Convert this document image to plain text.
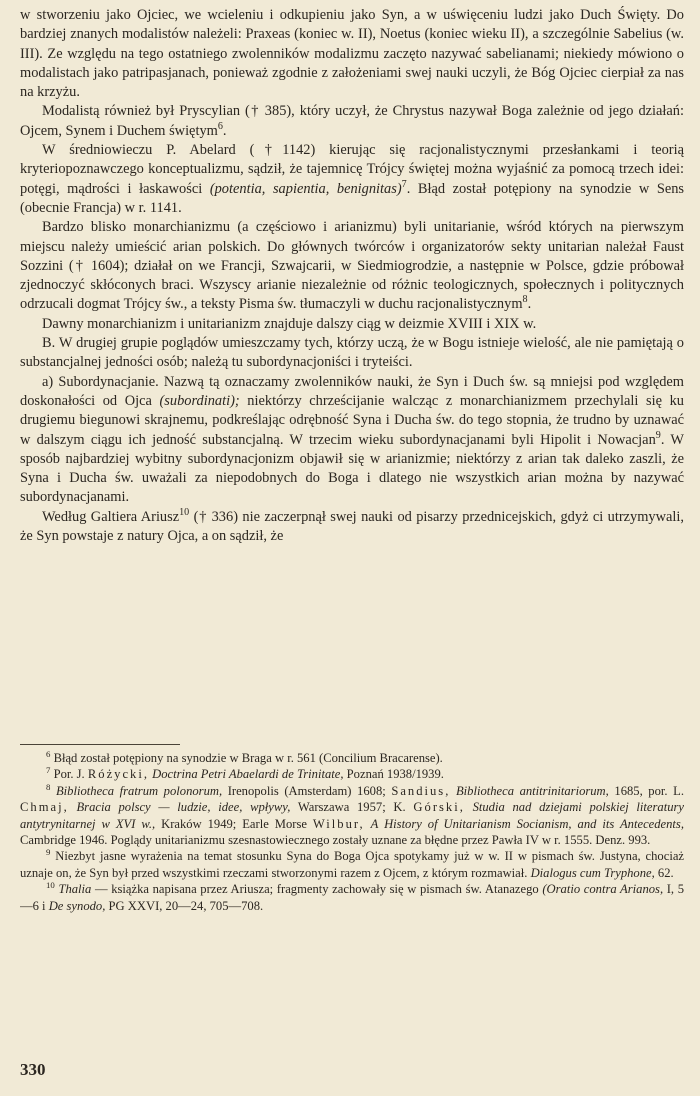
w stworzeniu jako Ojciec, we wcieleniu i odkupieniu jako Syn, a w uświęceniu ludzi jako Duch Święty. Do bardziej znanych modalistów należeli: Praxeas (koniec w. II), Noetus (koniec wieku II), a szczególnie Sabelius (w. III). Ze względu na tego ostatniego zwolenników modalizmu zaczęto nazywać sabelianami; niekiedy mówiono o modalistach jako patripasjanach, ponieważ zgodnie z założeniami swej nauki uczyli, że Bóg Ojciec cierpiał za nas na krzyżu.

Modalistą również był Pryscylian († 385), który uczył, że Chrystus nazywał Boga zależnie od jego działań: Ojcem, Synem i Duchem świętym$^6$.

W średniowieczu P. Abelard (†1142) kierując się racjonalistycznymi przesłankami i teorią kryteriopoznawczego konceptualizmu, sądził, że tajemnicę Trójcy świętej można wyjaśnić za pomocą trzech idei: potęgi, mądrości i łaskawości (potentia, sapientia, benignitas)$^7$. Błąd został potępiony na synodzie w Sens (obecnie Francja) w r. 1141.

Bardzo blisko monarchianizmu (a częściowo i arianizmu) byli unitarianie, wśród których na pierwszym miejscu należy umieścić arian polskich. Do głównych twórców i organizatorów sekty unitarian należał Faust Sozzini († 1604); działał on we Francji, Szwajcarii, w Siedmiogrodzie, a następnie w Polsce, gdzie próbował zjednoczyć skłóconych braci. Wszyscy arianie niezależnie od różnic teologicznych, społecznych i politycznych odrzucali dogmat Trójcy św., a teksty Pisma św. tłumaczyli w duchu racjonalistycznym$^8$.

Dawny monarchianizm i unitarianizm znajduje dalszy ciąg w deizmie XVIII i XIX w.

B. W drugiej grupie poglądów umieszczamy tych, którzy uczą, że w Bogu istnieje wielość, ale nie pamiętają o substancjalnej jedności osób; należą tu subordynacjoniści i tryteiści.

a) Subordynacjanie. Nazwą tą oznaczamy zwolenników nauki, że Syn i Duch św. są mniejsi pod względem doskonałości od Ojca (subordinati); niektórzy chrześcijanie walcząc z monarchianizmem przechylali się ku drugiemu biegunowi skrajnemu, podkreślając odrębność Syna i Ducha św. do tego stopnia, że trudno by uznawać w dalszym ciągu ich jedność substancjalną. W trzecim wieku subordynacjanami byli Hipolit i Nowacjan$^9$. W sposób najbardziej wybitny subordynacjonizm objawił się w arianizmie; niektórzy z arian tak daleko zaszli, że Syna i Ducha św. uważali za niepodobnych do Boga i dlatego nie wszystkich arian można by nazywać subordynacjanami.

Według Galtiera Ariusz$^{10}$ († 336) nie zaczerpnął swej nauki od pisarzy przednicejskich, gdyż ci utrzymywali, że Syn powstaje z natury Ojca, a on sądził, że

$^6$ Błąd został potępiony na synodzie w Braga w r. 561 (Concilium Bracarense).

$^7$ Por. J. Różycki, Doctrina Petri Abaelardi de Trinitate, Poznań 1938/1939.

$^8$ Bibliotheca fratrum polonorum, Irenopolis (Amsterdam) 1608; Sandius, Bibliotheca antitrinitariorum, 1685, por. L. Chmaj, Bracia polscy — ludzie, idee, wpływy, Warszawa 1957; K. Górski, Studia nad dziejami polskiej literatury antytrynitarnej w XVI w., Kraków 1949; Earle Morse Wilbur, A History of Unitarianism Socianism, and its Antecedents, Cambridge 1946. Poglądy unitarianizmu szesnastowiecznego zostały uznane za błędne przez Pawła IV w r. 1555. Denz. 993.

$^9$ Niezbyt jasne wyrażenia na temat stosunku Syna do Boga Ojca spotykamy już w w. II w pismach św. Justyna, chociaż uznaje on, że Syn był przed wszystkimi rzeczami stworzonymi razem z Ojcem, z którym rozmawiał. Dialogus cum Tryphone, 62.

$^{10}$ Thalia — książka napisana przez Ariusza; fragmenty zachowały się w pismach św. Atanazego (Oratio contra Arianos, I, 5—6 i De synodo, PG XXVI, 20—24, 705—708.

330
